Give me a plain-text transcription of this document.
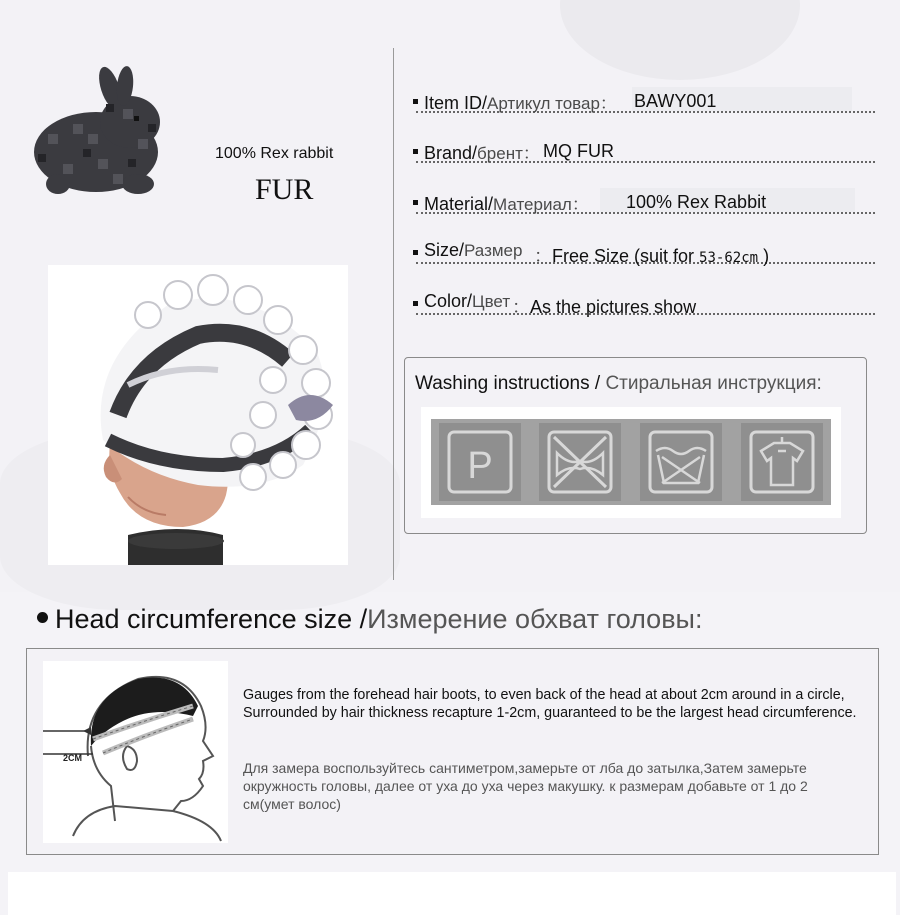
100% Rex rabbit
FUR
Item ID/Артикул товар： BAWY001
Brand/брент： MQ FUR
Material/Материал： 100% Rex Rabbit
Size/Размер ：Free Size (suit for 53-62cm )
Color/Цвет ：As the pictures show
Washing instructions / Стиральная инструкция:
P
Head circumference size /Измерение обхват головы:
2CM
Gauges from the forehead hair boots, to even back of the head at about 2cm around in a circle, Surrounded by hair thickness recapture 1-2cm, guaranteed to be the largest head circumference.
Для замера воспользуйтесь сантиметром,замерьте от лба до затылка,Затем замерьте окружность головы, далее от уха до уха через макушку. к размерам добавьте от 1 до 2 см(умет волос)
